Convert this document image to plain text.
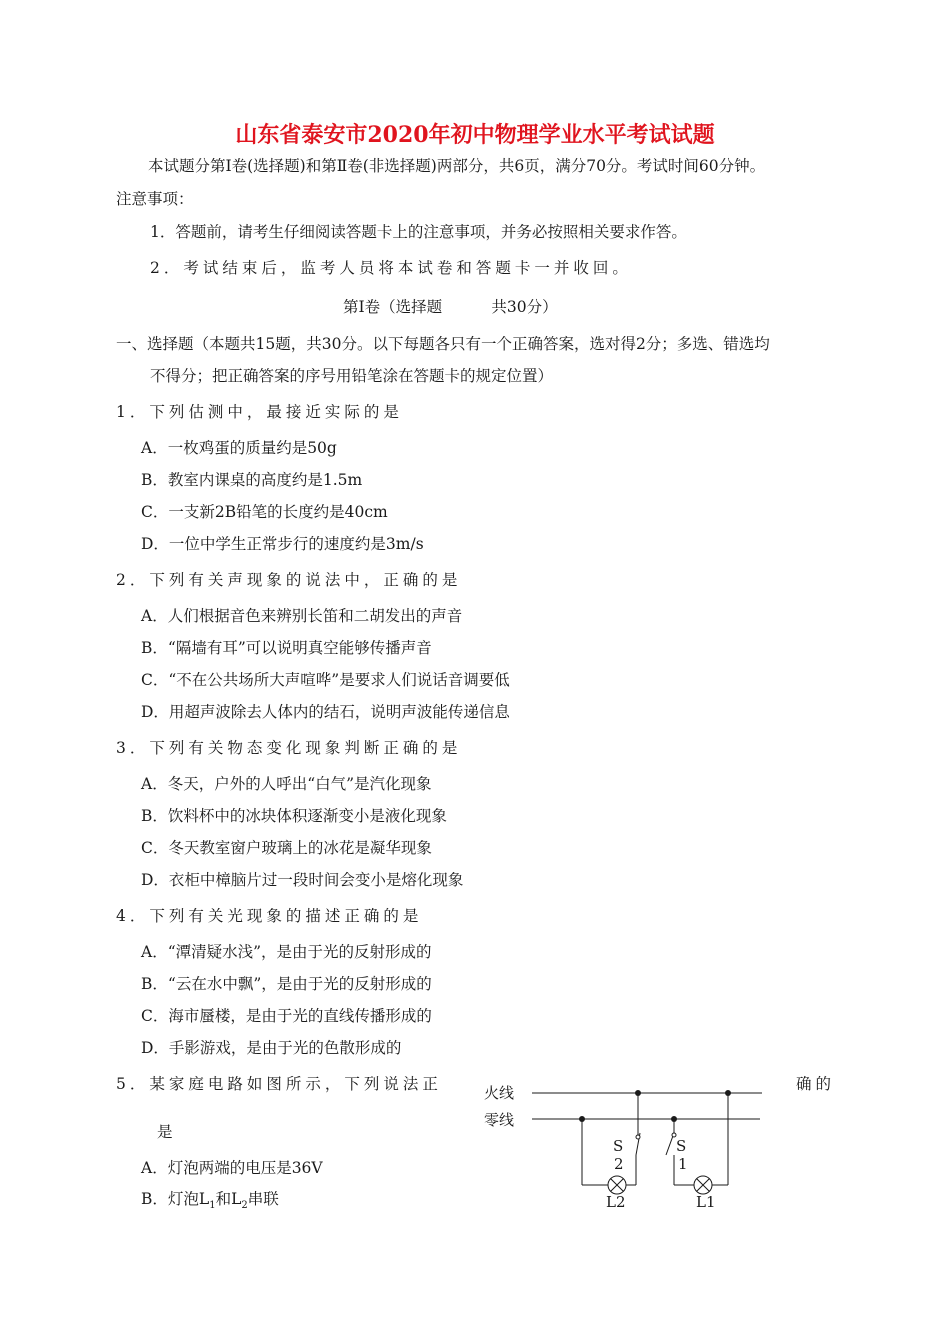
山东省泰安市2020年初中物理学业水平考试试题
本试题分第Ⅰ卷(选择题)和第Ⅱ卷(非选择题)两部分，共6页，满分70分。考试时间60分钟。
注意事项：
1．答题前，请考生仔细阅读答题卡上的注意事项，并务必按照相关要求作答。
2．考试结束后，监考人员将本试卷和答题卡一并收回。
第Ⅰ卷（选择题          共30分）
一、选择题（本题共15题，共30分。以下每题各只有一个正确答案，选对得2分；多选、错选均
不得分；把正确答案的序号用铅笔涂在答题卡的规定位置）
1．下列估测中，最接近实际的是
A．一枚鸡蛋的质量约是50g
B．教室内课桌的高度约是1.5m
C．一支新2B铅笔的长度约是40cm
D．一位中学生正常步行的速度约是3m/s
2．下列有关声现象的说法中，正确的是
A．人们根据音色来辨别长笛和二胡发出的声音
B．“隔墙有耳”可以说明真空能够传播声音
C．“不在公共场所大声喧哗”是要求人们说话音调要低
D．用超声波除去人体内的结石，说明声波能传递信息
3．下列有关物态变化现象判断正确的是
A．冬天，户外的人呼出“白气”是汽化现象
B．饮料杯中的冰块体积逐渐变小是液化现象
C．冬天教室窗户玻璃上的冰花是凝华现象
D．衣柜中樟脑片过一段时间会变小是熔化现象
4．下列有关光现象的描述正确的是
A．“潭清疑水浅”，是由于光的反射形成的
B．“云在水中飘”，是由于光的反射形成的
C．海市蜃楼，是由于光的直线传播形成的
D．手影游戏，是由于光的色散形成的
5．某家庭电路如图所示，下列说法正	确的
是
A．灯泡两端的电压是36V
B．灯泡$L_1$和$L_2$串联
火线
零线
S
2
S
1
L2	L1
